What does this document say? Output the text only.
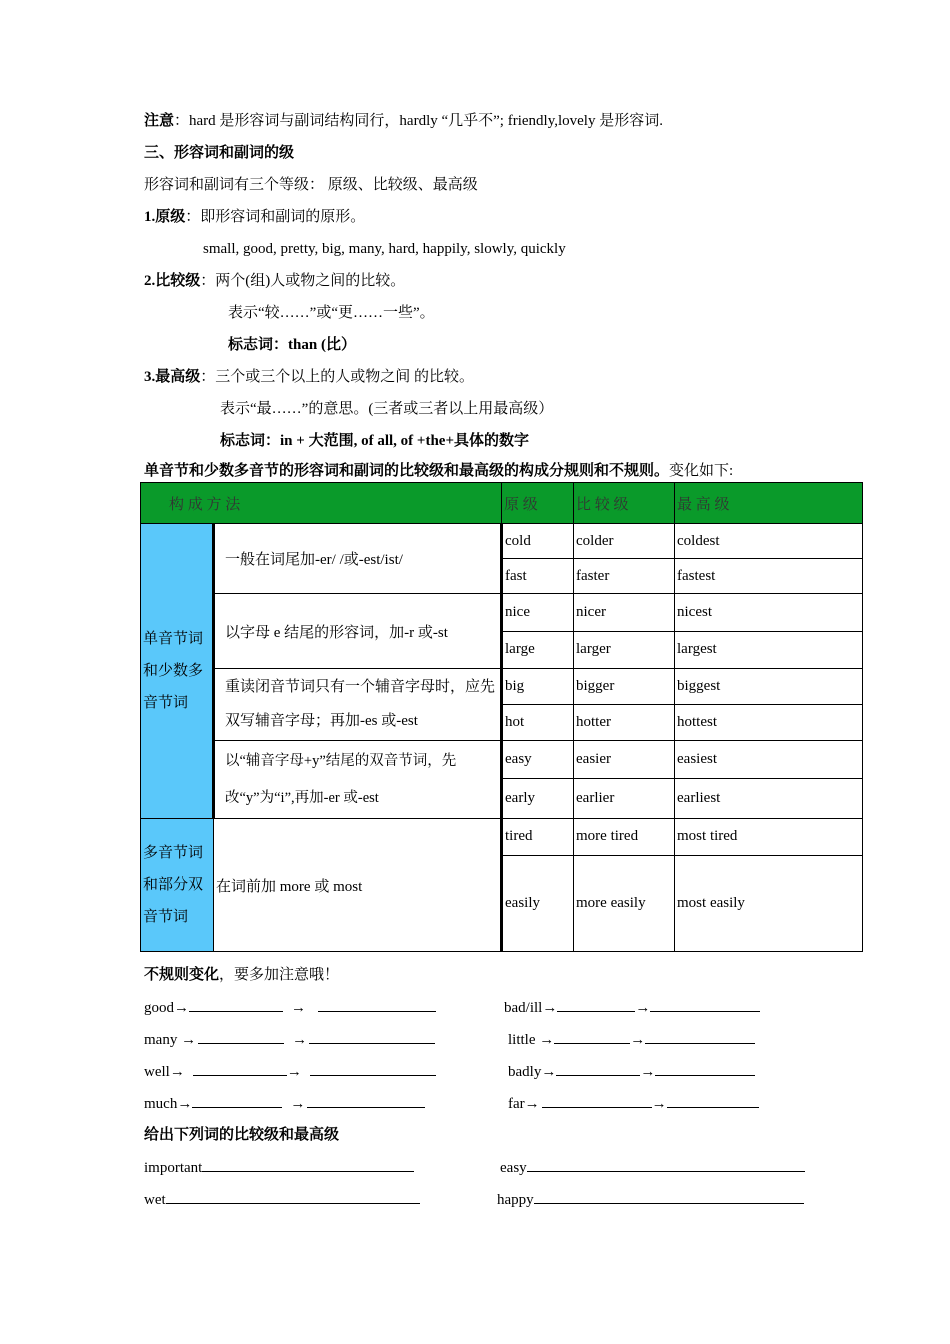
注意：hard 是形容词与副词结构同行，hardly “几乎不”; friendly,lovely 是形容词.
三、形容词和副词的级
形容词和副词有三个等级： 原级、比较级、最高级
1.原级：即形容词和副词的原形。
small, good, pretty, big, many, hard, happily, slowly, quickly
2.比较级：两个(组)人或物之间的比较。
表示“较……”或“更……一些”。
标志词：than (比）
3.最高级：三个或三个以上的人或物之间 的比较。
表示“最……”的意思。(三者或三者以上用最高级）
标志词：in + 大范围, of all, of +the+具体的数字
单音节和少数多音节的形容词和副词的比较级和最高级的构成分规则和不规则。变化如下:
构 成 方 法		原 级	比 较 级	最 高 级
单音节词和少数多音节词	一般在词尾加-er/ /或-est/ist/	cold	colder	coldest
		fast	faster	fastest
	以字母 e 结尾的形容词，加-r 或-st	nice	nicer	nicest
		large	larger	largest
	重读闭音节词只有一个辅音字母时，应先双写辅音字母；再加-es 或-est	big	bigger	biggest
		hot	hotter	hottest
	以“辅音字母+y”结尾的双音节词，先改“y”为“i”,再加-er 或-est	easy	easier	easiest
		early	earlier	earliest
多音节词和部分双音节词	在词前加 more 或 most	tired	more tired	most tired
		easily	more easily	most easily
不规则变化，要多加注意哦！
good→	→	bad/ill→	→
many →	→	little →	→
well→	→	badly→	→
much→	→	far→	→
给出下列词的比较级和最高级
important	easy
wet	happy
